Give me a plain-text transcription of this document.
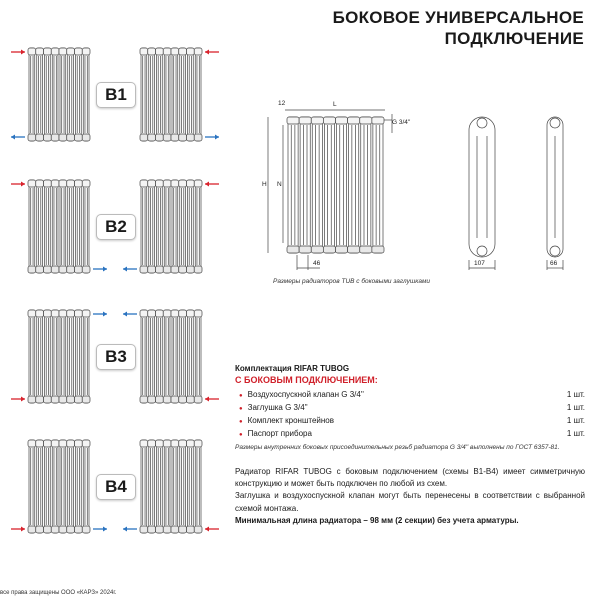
БОКОВОЕ УНИВЕРСАЛЬНОЕ
ПОДКЛЮЧЕНИЕ
B1
B2
B3
B4
12	L
G 3/4''
H N
46	107	66
Размеры радиаторов TUB с боковыми заглушками
Комплектация RIFAR TUBOG
С БОКОВЫМ ПОДКЛЮЧЕНИЕМ:
● Воздухоспускной клапан G 3/4''	1 шт.
● Заглушка G 3/4''	1 шт.
● Комплект кронштейнов	1 шт.
● Паспорт прибора	1 шт.
Размеры внутренних боковых присоединительных резьб радиатора G 3/4'' выполнены по ГОСТ 6357-81.
Радиатор RIFAR TUBOG с боковым подключением (схемы B1-B4) имеет симметричную конструкцию и может быть подключен по любой из схем.
Заглушка и воздухоспускной клапан могут быть перенесены в соответствии с выбранной схемой монтажа.
Минимальная длина радиатора – 98 мм (2 секции) без учета арматуры.
все права защищены ООО «КАРЗ» 2024г.
